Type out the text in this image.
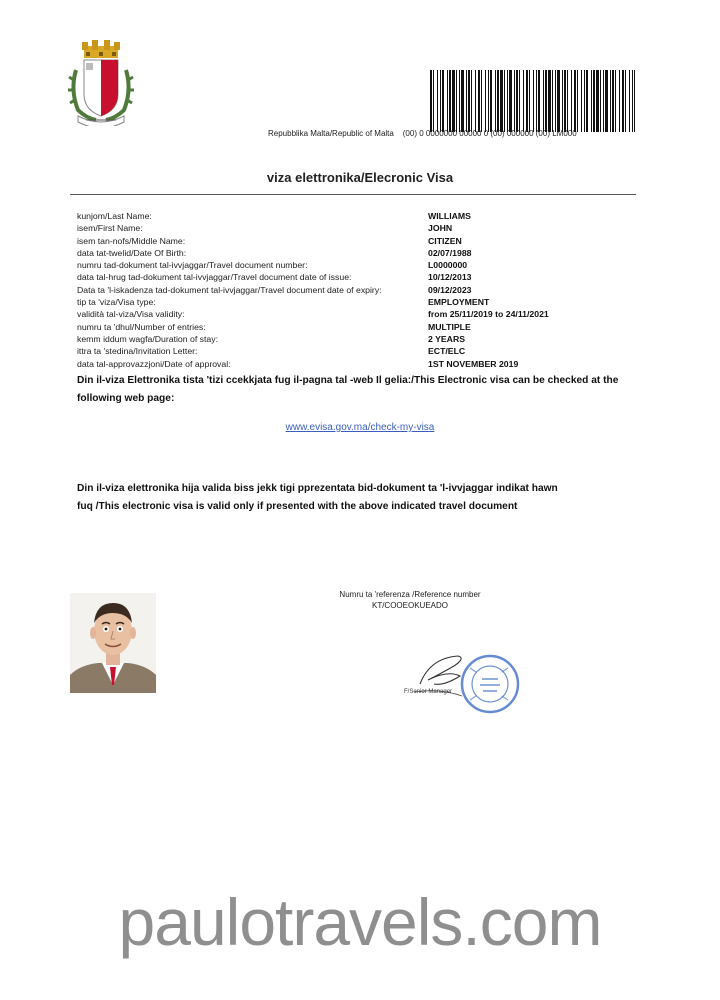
Repubblika Malta/Republic of Malta (00) 0 0000000 00000 0 (00) 000000 (00) LM000
viza elettronika/Elecronic Visa
kunjom/Last Name:	WILLIAMS
isem/First Name:	JOHN
isem tan-nofs/Middle Name:	CITIZEN
data tat-twelid/Date Of Birth:	02/07/1988
numru tad-dokument tal-ivvjaggar/Travel document number:	L0000000
data tal-hrug tad-dokument tal-ivvjaggar/Travel document date of issue:	10/12/2013
Data ta 'l-iskadenza tad-dokument tal-ivvjaggar/Travel document date of expiry:	09/12/2023
tip ta 'viza/Visa type:	EMPLOYMENT
validità tal-viza/Visa validity:	from 25/11/2019 to 24/11/2021
numru ta 'dhul/Number of entries:	MULTIPLE
kemm iddum wagfa/Duration of stay:	2 YEARS
ittra ta 'stedina/Invitation Letter:	ECT/ELC
data tal-approvazzjoni/Date of approval:	1ST NOVEMBER 2019
Din il-viza Elettronika tista 'tizi ccekkjata fug il-pagna tal -web Il gelia:/This Electronic visa can be checked at the following web page:
www.evisa.gov.ma/check-my-visa
Din il-viza elettronika hija valida biss jekk tigi pprezentata bid-dokument ta 'l-ivvjaggar indikat hawn fuq /This electronic visa is valid only if presented with the above indicated travel document
Numru ta 'referenza /Reference number
KT/COOEOKUEADO
F/Senior Manager
paulotravels.com
